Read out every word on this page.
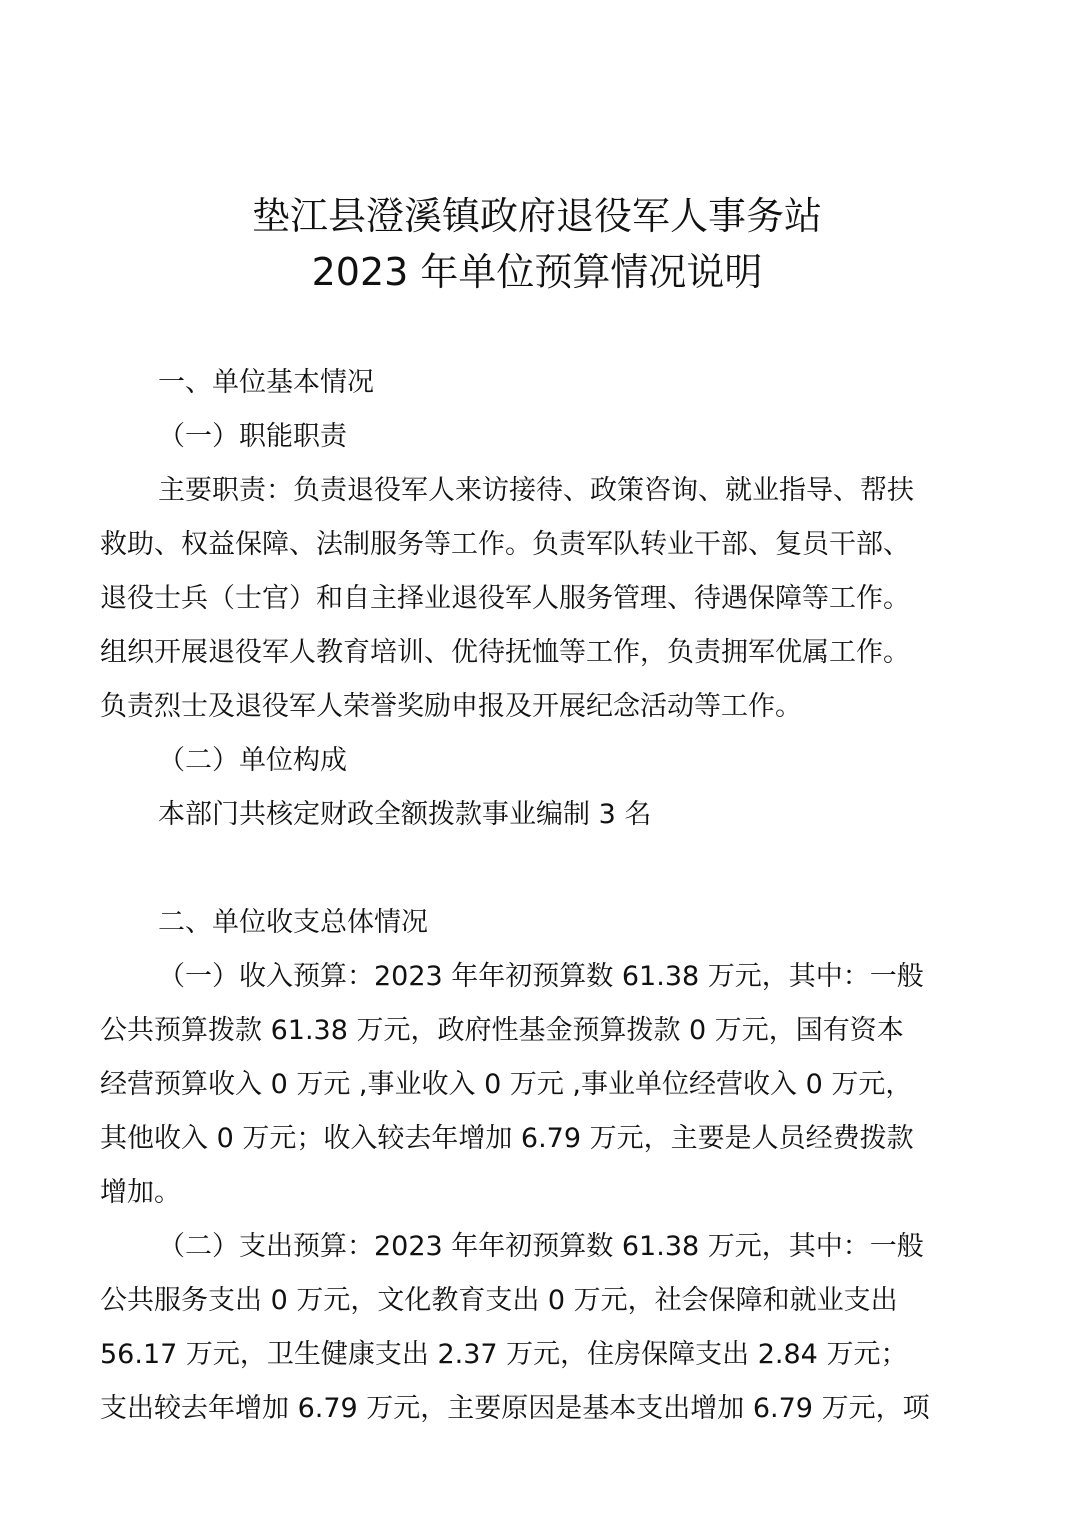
垫江县澄溪镇政府退役军人事务站
2023 年单位预算情况说明
一、单位基本情况
（一）职能职责
主要职责：负责退役军人来访接待、政策咨询、就业指导、帮扶
救助、权益保障、法制服务等工作。负责军队转业干部、复员干部、
退役士兵（士官）和自主择业退役军人服务管理、待遇保障等工作。
组织开展退役军人教育培训、优待抚恤等工作，负责拥军优属工作。
负责烈士及退役军人荣誉奖励申报及开展纪念活动等工作。
（二）单位构成
本部门共核定财政全额拨款事业编制 3 名
二、单位收支总体情况
（一）收入预算：2023 年年初预算数 61.38 万元，其中：一般
公共预算拨款 61.38 万元，政府性基金预算拨款 0 万元，国有资本
经营预算收入 0 万元 ,事业收入 0 万元 ,事业单位经营收入 0 万元，
其他收入 0 万元；收入较去年增加 6.79 万元，主要是人员经费拨款
增加。
（二）支出预算：2023 年年初预算数 61.38 万元，其中：一般
公共服务支出 0 万元，文化教育支出 0 万元，社会保障和就业支出
56.17 万元，卫生健康支出 2.37 万元，住房保障支出 2.84 万元；
支出较去年增加 6.79 万元，主要原因是基本支出增加 6.79 万元，项
